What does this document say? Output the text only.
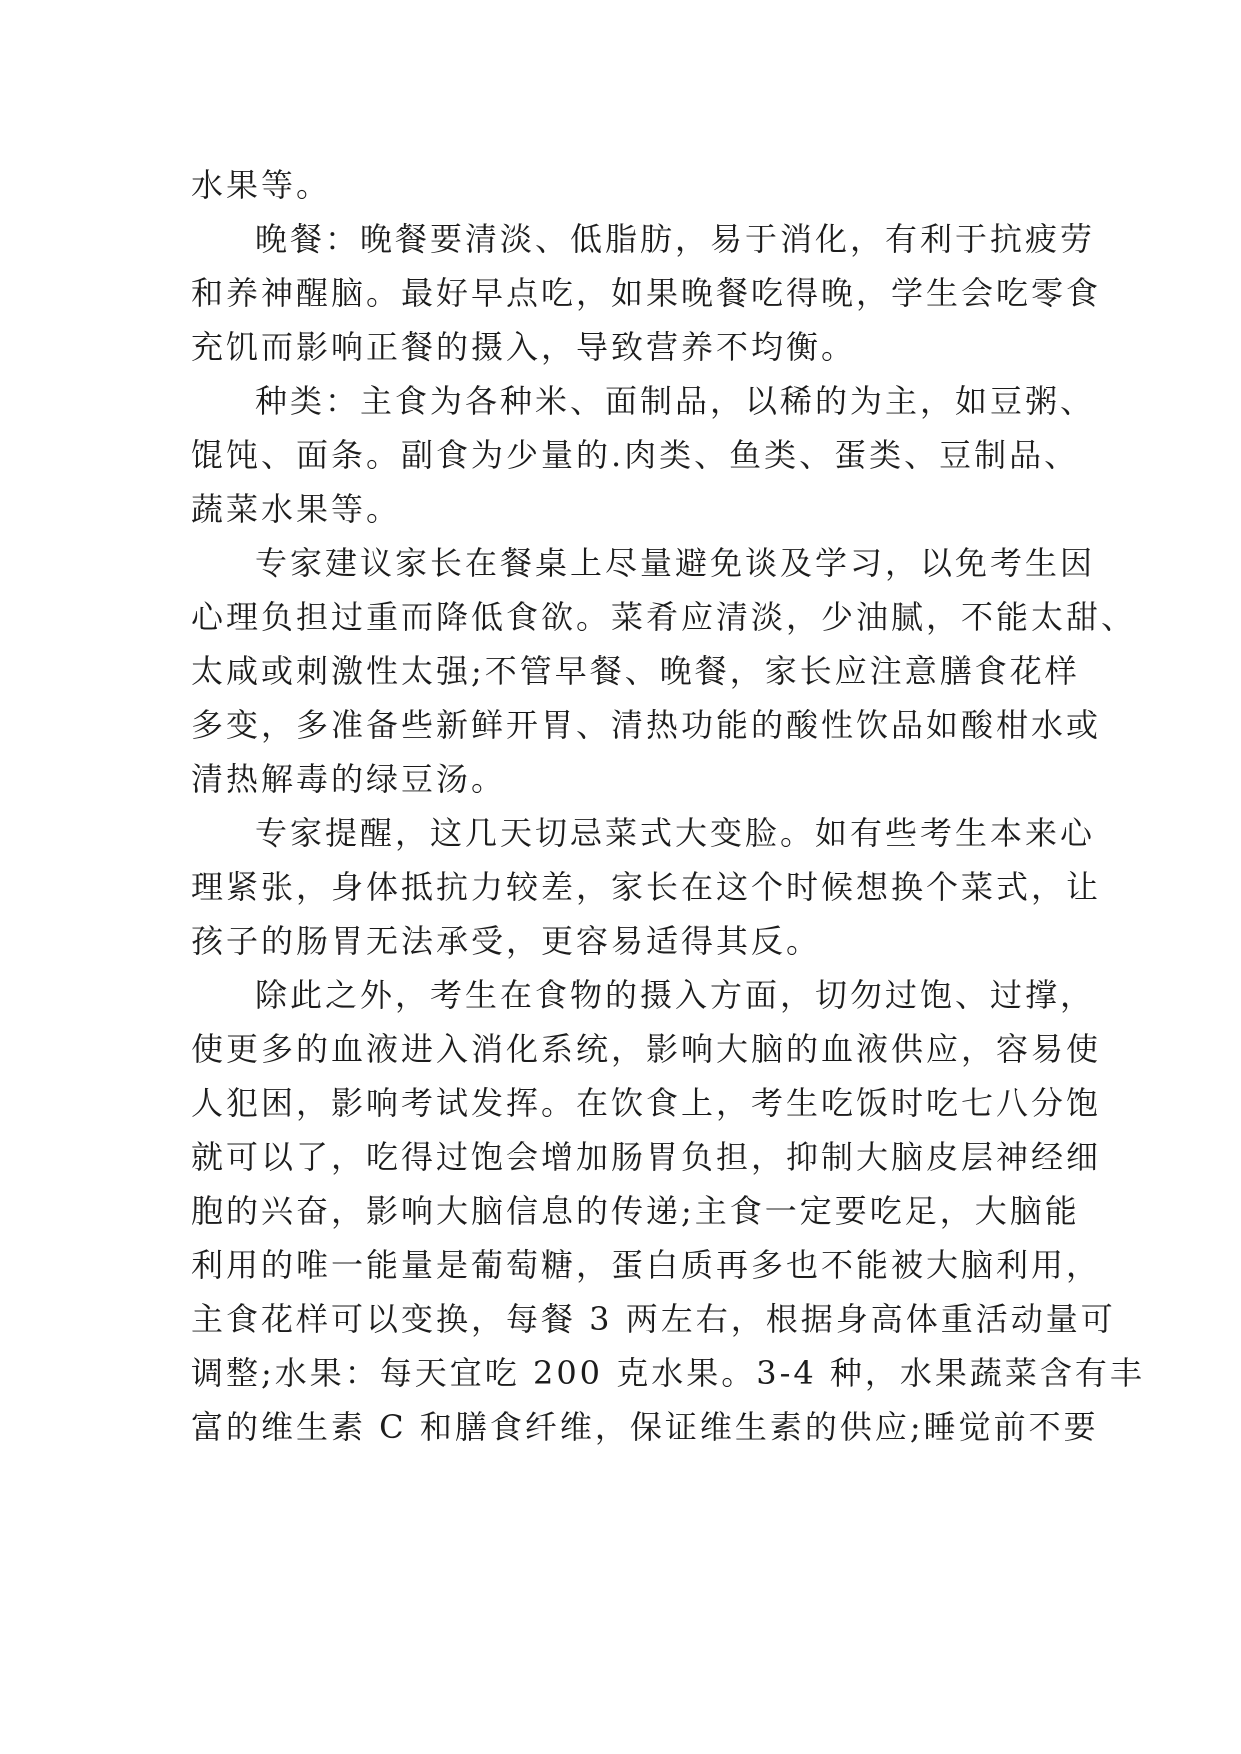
水果等。

晚餐：晚餐要清淡、低脂肪，易于消化，有利于抗疲劳
和养神醒脑。最好早点吃，如果晚餐吃得晚，学生会吃零食
充饥而影响正餐的摄入，导致营养不均衡。

种类：主食为各种米、面制品，以稀的为主，如豆粥、
馄饨、面条。副食为少量的.肉类、鱼类、蛋类、豆制品、
蔬菜水果等。

专家建议家长在餐桌上尽量避免谈及学习，以免考生因
心理负担过重而降低食欲。菜肴应清淡，少油腻，不能太甜、
太咸或刺激性太强;不管早餐、晚餐，家长应注意膳食花样
多变，多准备些新鲜开胃、清热功能的酸性饮品如酸柑水或
清热解毒的绿豆汤。

专家提醒，这几天切忌菜式大变脸。如有些考生本来心
理紧张，身体抵抗力较差，家长在这个时候想换个菜式，让
孩子的肠胃无法承受，更容易适得其反。

除此之外，考生在食物的摄入方面，切勿过饱、过撑，
使更多的血液进入消化系统，影响大脑的血液供应，容易使
人犯困，影响考试发挥。在饮食上，考生吃饭时吃七八分饱
就可以了，吃得过饱会增加肠胃负担，抑制大脑皮层神经细
胞的兴奋，影响大脑信息的传递;主食一定要吃足，大脑能
利用的唯一能量是葡萄糖，蛋白质再多也不能被大脑利用，
主食花样可以变换，每餐 3 两左右，根据身高体重活动量可
调整;水果：每天宜吃 200 克水果。3-4 种，水果蔬菜含有丰
富的维生素 C 和膳食纤维，保证维生素的供应;睡觉前不要
